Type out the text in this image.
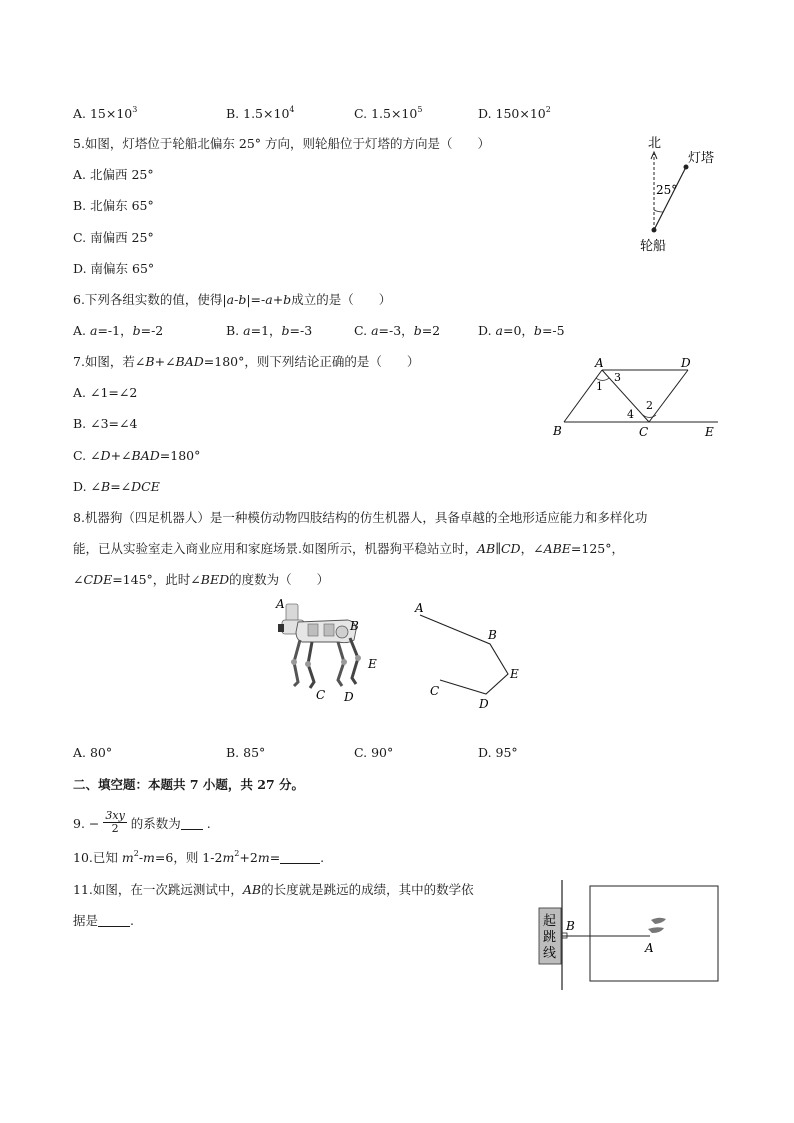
A. $15\times 10^3$	B. $1.5\times 10^4$	C. $1.5\times 10^5$	D. $150\times 10^2$
5.如图，灯塔位于轮船北偏东 25° 方向，则轮船位于灯塔的方向是（　　）
A. 北偏西 25°
B. 北偏东 65°
C. 南偏西 25°
D. 南偏东 65°
北
灯塔
25°
轮船
6.下列各组实数的值，使得|a-b|=-a+b成立的是（　　）
A. a=-1，b=-2	B. a=1，b=-3	C. a=-3，b=2	D. a=0，b=-5
7.如图，若∠B+∠BAD=180°，则下列结论正确的是（　　）
A. ∠1=∠2
B. ∠3=∠4
C. ∠D+∠BAD=180°
D. ∠B=∠DCE
A	D
B	C	E
1
3
4
2
8.机器狗（四足机器人）是一种模仿动物四肢结构的仿生机器人，具备卓越的全地形适应能力和多样化功
能，已从实验室走入商业应用和家庭场景.如图所示，机器狗平稳站立时，AB∥CD，∠ABE=125°，
∠CDE=145°，此时∠BED的度数为（　　）
A
B
E
C D
A
B
E
D
C
A. 80°	B. 85°	C. 90°	D. 95°
二、填空题：本题共 7 小题，共 27 分。
9. − $\frac{3xy}{2}$ 的系数为 .
10.已知 $m^2-m=6$，则 $1-2m^2+2m=$	.
11.如图，在一次跳远测试中，AB的长度就是跳远的成绩，其中的数学依
据是	.	起
跳
线
B
A
